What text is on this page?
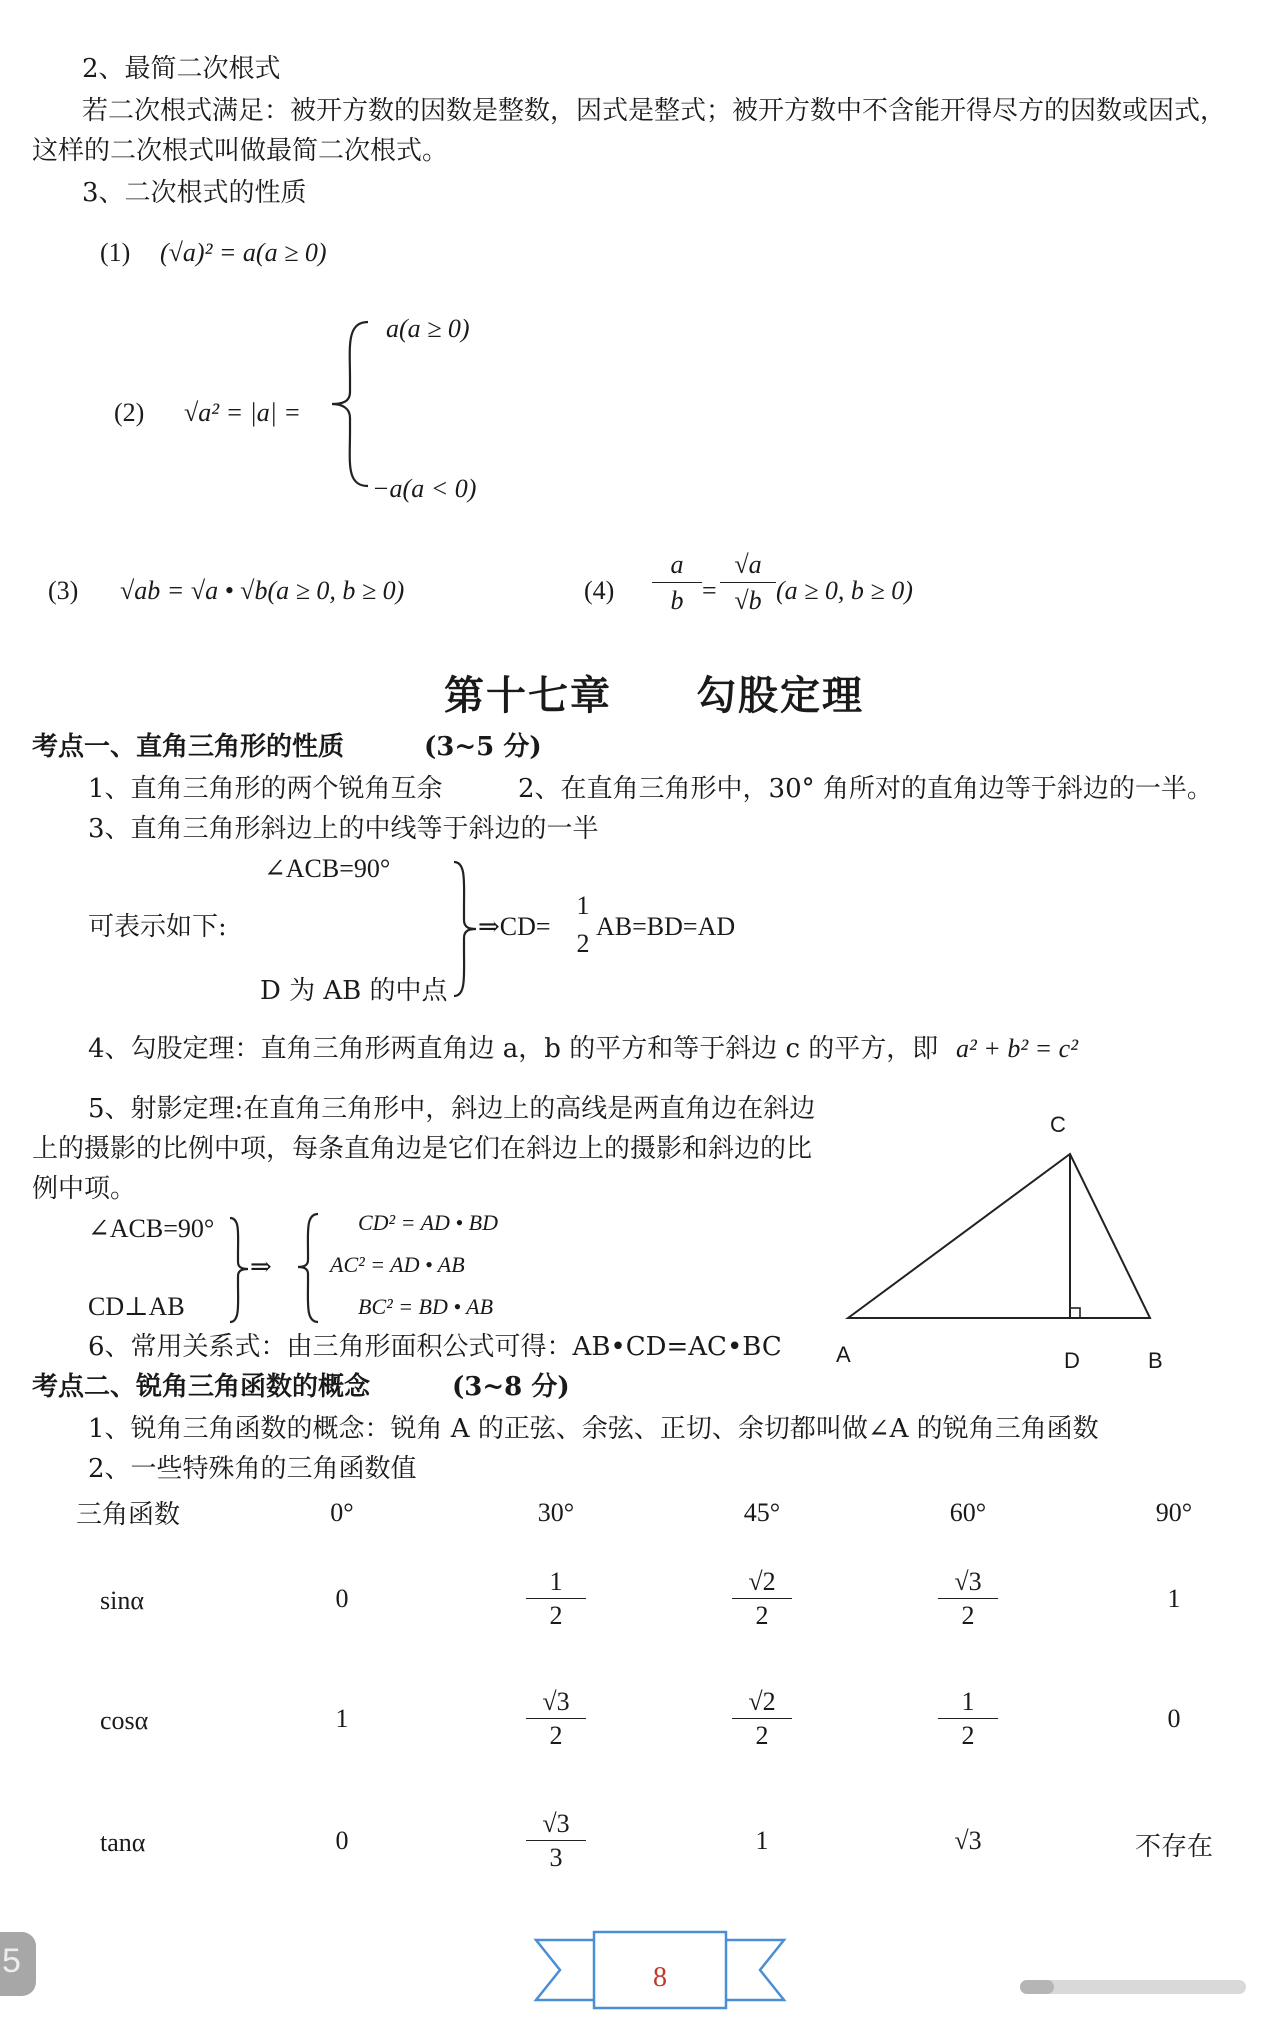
2、最简二次根式
若二次根式满足：被开方数的因数是整数，因式是整式；被开方数中不含能开得尽方的因数或因式，
这样的二次根式叫做最简二次根式。
3、二次根式的性质
(1) (√a)² = a(a ≥ 0)
(2) √a² = |a| =
a(a ≥ 0)
−a(a < 0)
(3) √ab = √a • √b(a ≥ 0, b ≥ 0)	$(4) \frac{a}{b} = \frac{√a}{√b} (a \ge 0$, b ≥ 0)
第十七章　　勾股定理
考点一、直角三角形的性质	(3~5 分)
1、直角三角形的两个锐角互余	2、在直角三角形中，30° 角所对的直角边等于斜边的一半。
3、直角三角形斜边上的中线等于斜边的一半
∠ACB=90°
可表示如下:
D 为 AB 的中点
⇒CD=
1
2
AB=BD=AD
4、勾股定理：直角三角形两直角边 a，b 的平方和等于斜边 c 的平方，即 a² + b² = c²
5、射影定理:在直角三角形中，斜边上的高线是两直角边在斜边
上的摄影的比例中项，每条直角边是它们在斜边上的摄影和斜边的比
例中项。
∠ACB=90°
CD⊥AB
⇒
CD² = AD • BD
AC² = AD • AB
BC² = BD • AB
6、常用关系式：由三角形面积公式可得：AB•CD=AC•BC
C
A	D	B
考点二、锐角三角函数的概念	(3~8 分)
1、锐角三角函数的概念：锐角 A 的正弦、余弦、正切、余切都叫做∠A 的锐角三角函数
2、一些特殊角的三角函数值
三角函数	0°	30°	45°	60°	90°
sinα	0	$\frac{1}{2}$	$\frac{√2}{2}$	$\frac{√3}{2}$	1
cosα	1	$\frac{√3}{2}$	$\frac{√2}{2}$	$\frac{1}{2}$	0
tanα	0	$\frac{√3}{3}$	1	√3	不存在
5	8
